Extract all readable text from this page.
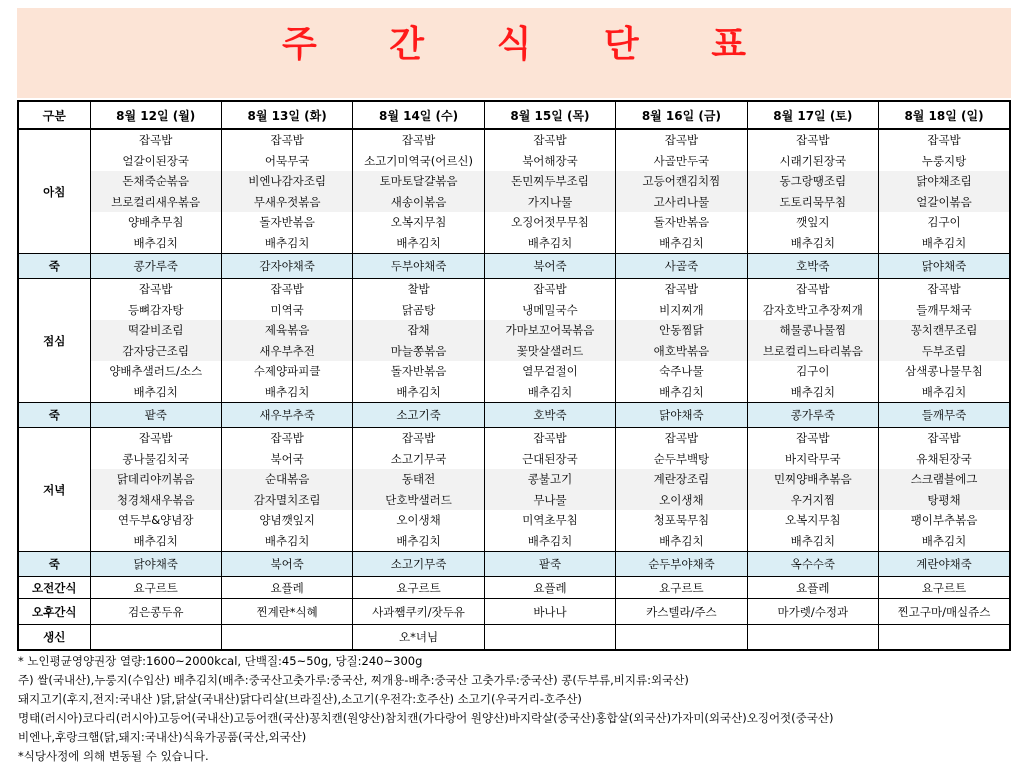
주 간 식 단 표
구분	8월 12일 (월)	8월 13일 (화)	8월 14일 (수)	8월 15일 (목)	8월 16일 (금)	8월 17일 (토)	8월 18일 (일)
아침	잡곡밥	잡곡밥	잡곡밥	잡곡밥	잡곡밥	잡곡밥	잡곡밥
	얼갈이된장국	어묵무국	소고기미역국(어르신)	북어해장국	사골만두국	시래기된장국	누룽지탕
	돈채죽순볶음	비엔나감자조림	토마토달걀볶음	돈민찌두부조림	고등어캔김치찜	동그랑땡조림	닭야채조림
	브로컬리새우볶음	무새우젓볶음	새송이볶음	가지나물	고사리나물	도토리묵무침	얼갈이볶음
	양배추무침	돌자반볶음	오복지무침	오징어젓무무침	돌자반볶음	깻잎지	김구이
	배추김치	배추김치	배추김치	배추김치	배추김치	배추김치	배추김치
죽	콩가루죽	감자야채죽	두부야채죽	북어죽	사골죽	호박죽	닭야채죽
점심	잡곡밥	잡곡밥	찰밥	잡곡밥	잡곡밥	잡곡밥	잡곡밥
	등뼈감자탕	미역국	닭곰탕	냉메밀국수	비지찌개	감자호박고추장찌개	들깨무채국
	떡갈비조림	제육볶음	잡채	가마보꼬어묵볶음	안동찜닭	해물콩나물찜	꽁치캔무조림
	감자당근조림	새우부추전	마늘쫑볶음	꽃맛살샐러드	애호박볶음	브로컬리느타리볶음	두부조림
	양배추샐러드/소스	수제양파피클	돌자반볶음	열무겉절이	숙주나물	김구이	삼색콩나물무침
	배추김치	배추김치	배추김치	배추김치	배추김치	배추김치	배추김치
죽	팥죽	새우부추죽	소고기죽	호박죽	닭야채죽	콩가루죽	들깨무죽
저녁	잡곡밥	잡곡밥	잡곡밥	잡곡밥	잡곡밥	잡곡밥	잡곡밥
	콩나물김치국	북어국	소고기무국	근대된장국	순두부백탕	바지락무국	유채된장국
	닭데리야끼볶음	순대볶음	동태전	콩불고기	계란장조림	민찌양배추볶음	스크램블에그
	청경채새우볶음	감자멸치조림	단호박샐러드	무나물	오이생채	우거지찜	탕평채
	연두부&양념장	양념깻잎지	오이생채	미역초무침	청포묵무침	오복지무침	팽이부추볶음
	배추김치	배추김치	배추김치	배추김치	배추김치	배추김치	배추김치
죽	닭야채죽	북어죽	소고기무죽	팥죽	순두부야채죽	옥수수죽	계란야채죽
오전간식	요구르트	요플레	요구르트	요플레	요구르트	요플레	요구르트
오후간식	검은콩두유	찐계란*식혜	사과쨈쿠키/잣두유	바나나	카스텔라/주스	마가렛/수정과	찐고구마/매실쥬스
생신			오*녀님				
* 노인평균영양권장 열량:1600~2000kcal, 단백질:45~50g, 당질:240~300g
주) 쌀(국내산),누룽지(수입산) 배추김치(배추:중국산고춧가루:중국산, 찌개용-배추:중국산 고춧가루:중국산) 콩(두부류,비지류:외국산)
돼지고기(후지,전지:국내산 )닭,닭살(국내산)닭다리살(브라질산),소고기(우전각:호주산) 소고기(우국거리-호주산)
명태(러시아)코다리(러시아)고등어(국내산)고등어캔(국산)꽁치캔(원양산)참치캔(가다랑어 원양산)바지락살(중국산)홍합살(외국산)가자미(외국산)오징어젓(중국산)
비엔나,후랑크햄(닭,돼지:국내산)식육가공품(국산,외국산)
*식당사정에 의해 변동될 수 있습니다.
